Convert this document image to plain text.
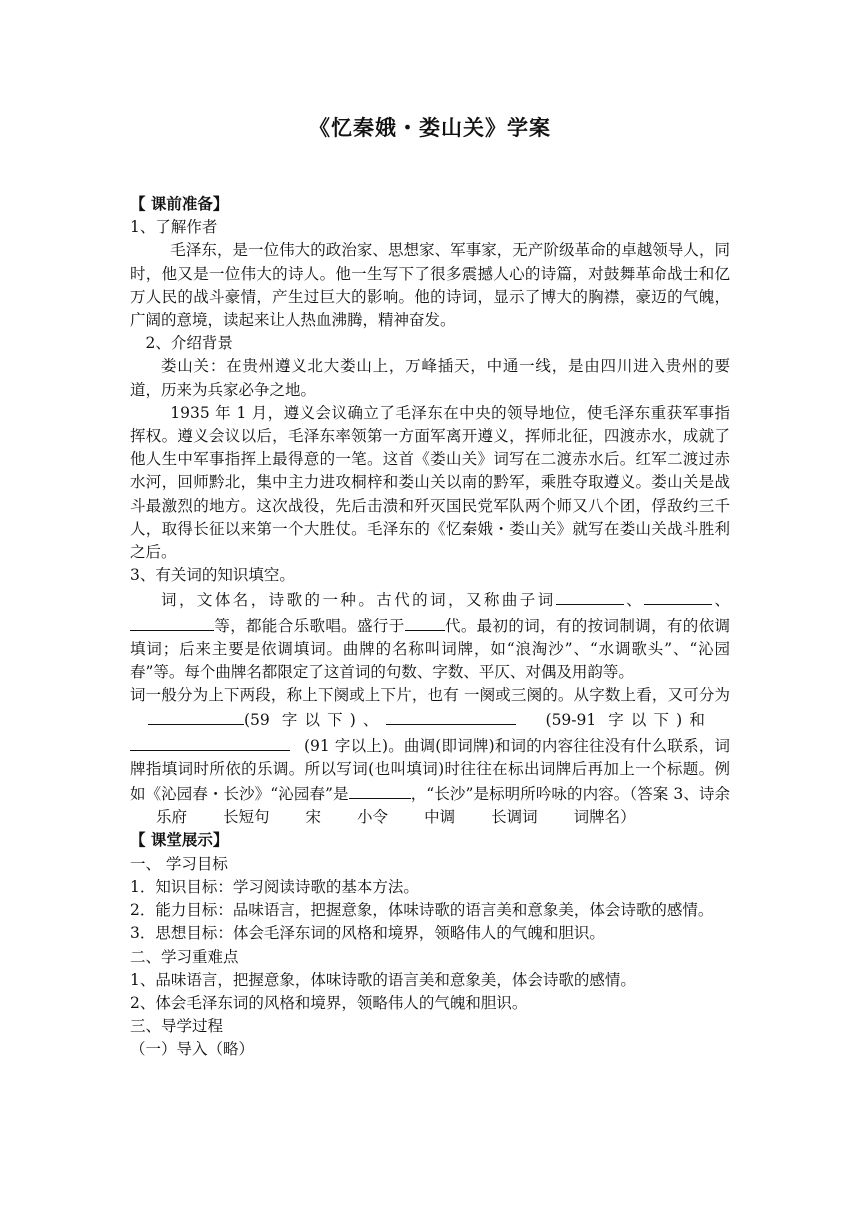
《忆秦娥・娄山关》学案

【 课前准备】

1、了解作者

毛泽东，是一位伟大的政治家、思想家、军事家，无产阶级革命的卓越领导人，同时，他又是一位伟大的诗人。他一生写下了很多震撼人心的诗篇，对鼓舞革命战士和亿万人民的战斗豪情，产生过巨大的影响。他的诗词，显示了博大的胸襟，豪迈的气魄，广阔的意境，读起来让人热血沸腾，精神奋发。

2、介绍背景

娄山关：在贵州遵义北大娄山上，万峰插天，中通一线，是由四川进入贵州的要道，历来为兵家必争之地。

1935 年 1 月，遵义会议确立了毛泽东在中央的领导地位，使毛泽东重获军事指挥权。遵义会议以后，毛泽东率领第一方面军离开遵义，挥师北征，四渡赤水，成就了他人生中军事指挥上最得意的一笔。这首《娄山关》词写在二渡赤水后。红军二渡过赤水河，回师黔北，集中主力进攻桐梓和娄山关以南的黔军，乘胜夺取遵义。娄山关是战斗最激烈的地方。这次战役，先后击溃和歼灭国民党军队两个师又八个团，俘敌约三千人，取得长征以来第一个大胜仗。毛泽东的《忆秦娥・娄山关》就写在娄山关战斗胜利之后。

3、有关词的知识填空。

词，文体名，诗歌的一种。古代的词，又称曲子词	、	、等，都能合乐歌唱。盛行于	代。最初的词，有的按词制调，有的依调填词；后来主要是依调填词。曲牌的名称叫词牌，如“浪淘沙”、“水调歌头”、“沁园春”等。每个曲牌名都限定了这首词的句数、字数、平仄、对偶及用韵等。

词一般分为上下两段，称上下阕或上下片，也有 一阕或三阕的。从字数上看，又可分为(59 字以下)、	(59-91 字以下)和(91 字以上)。曲调(即词牌)和词的内容往往没有什么联系，词牌指填词时所依的乐调。所以写词(也叫填词)时往往在标出词牌后再加上一个标题。例如《沁园春・长沙》“沁园春”是	，“长沙”是标明所吟咏的内容。（答案 3、诗余乐府 长短句 宋 小令 中调 长调词 词牌名）

【 课堂展示】

一、 学习目标

1．知识目标：学习阅读诗歌的基本方法。

2．能力目标：品味语言，把握意象，体味诗歌的语言美和意象美，体会诗歌的感情。

3．思想目标：体会毛泽东词的风格和境界，领略伟人的气魄和胆识。

二、学习重难点

1、品味语言，把握意象，体味诗歌的语言美和意象美，体会诗歌的感情。

2、体会毛泽东词的风格和境界，领略伟人的气魄和胆识。

三、导学过程

（一）导入（略）
